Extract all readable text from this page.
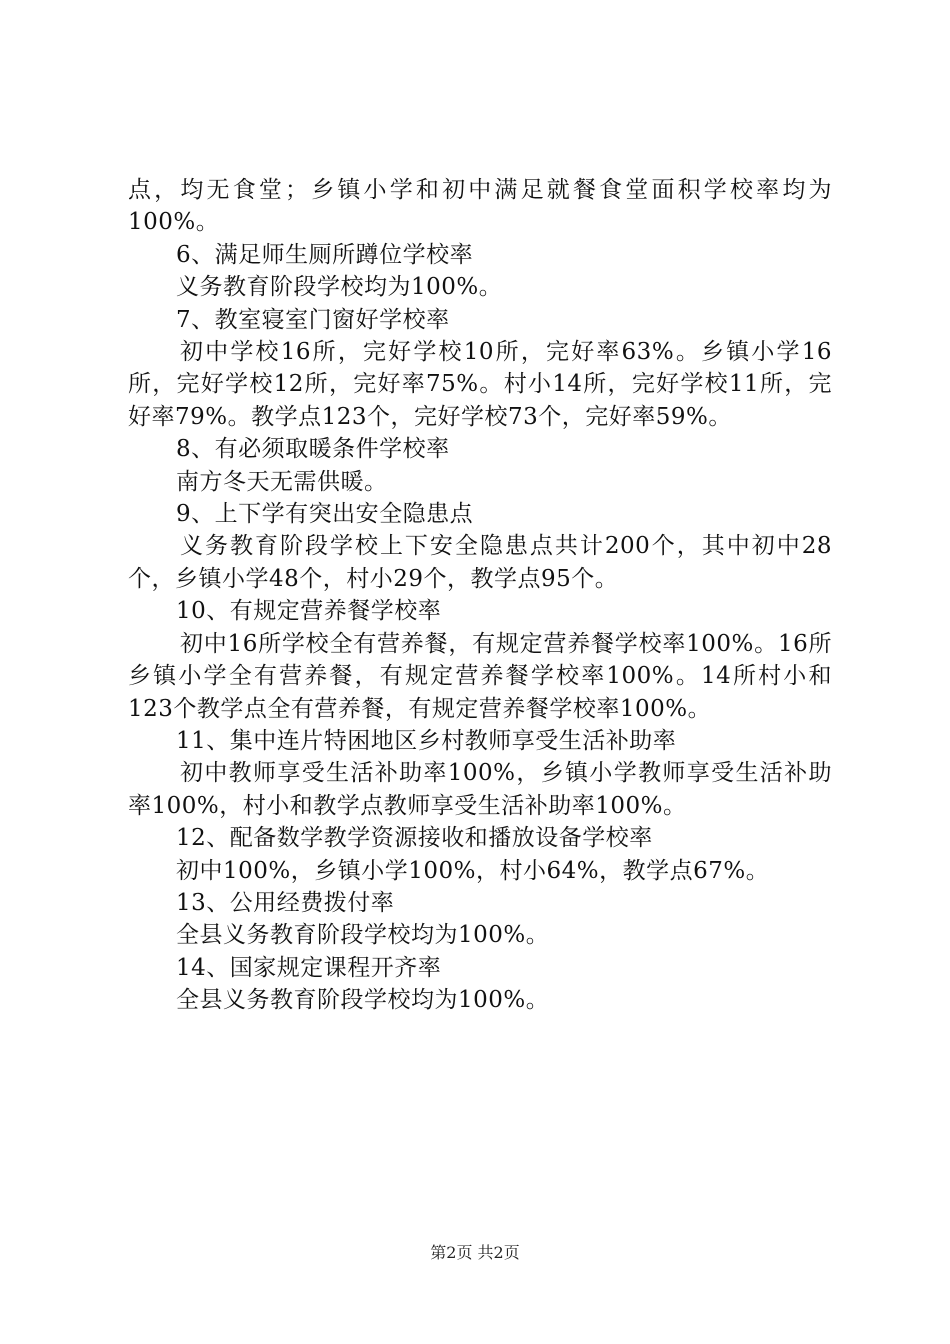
点，均无食堂；乡镇小学和初中满足就餐食堂面积学校率均为100%。

6、满足师生厕所蹲位学校率

义务教育阶段学校均为100%。

7、教室寝室门窗好学校率

初中学校16所，完好学校10所，完好率63%。乡镇小学16所，完好学校12所，完好率75%。村小14所，完好学校11所，完好率79%。教学点123个，完好学校73个，完好率59%。

8、有必须取暖条件学校率

南方冬天无需供暖。

9、上下学有突出安全隐患点

义务教育阶段学校上下安全隐患点共计200个，其中初中28个，乡镇小学48个，村小29个，教学点95个。

10、有规定营养餐学校率

初中16所学校全有营养餐，有规定营养餐学校率100%。16所乡镇小学全有营养餐，有规定营养餐学校率100%。14所村小和123个教学点全有营养餐，有规定营养餐学校率100%。

11、集中连片特困地区乡村教师享受生活补助率

初中教师享受生活补助率100%，乡镇小学教师享受生活补助率100%，村小和教学点教师享受生活补助率100%。

12、配备数学教学资源接收和播放设备学校率

初中100%，乡镇小学100%，村小64%，教学点67%。

13、公用经费拨付率

全县义务教育阶段学校均为100%。

14、国家规定课程开齐率

全县义务教育阶段学校均为100%。

第2页 共2页
